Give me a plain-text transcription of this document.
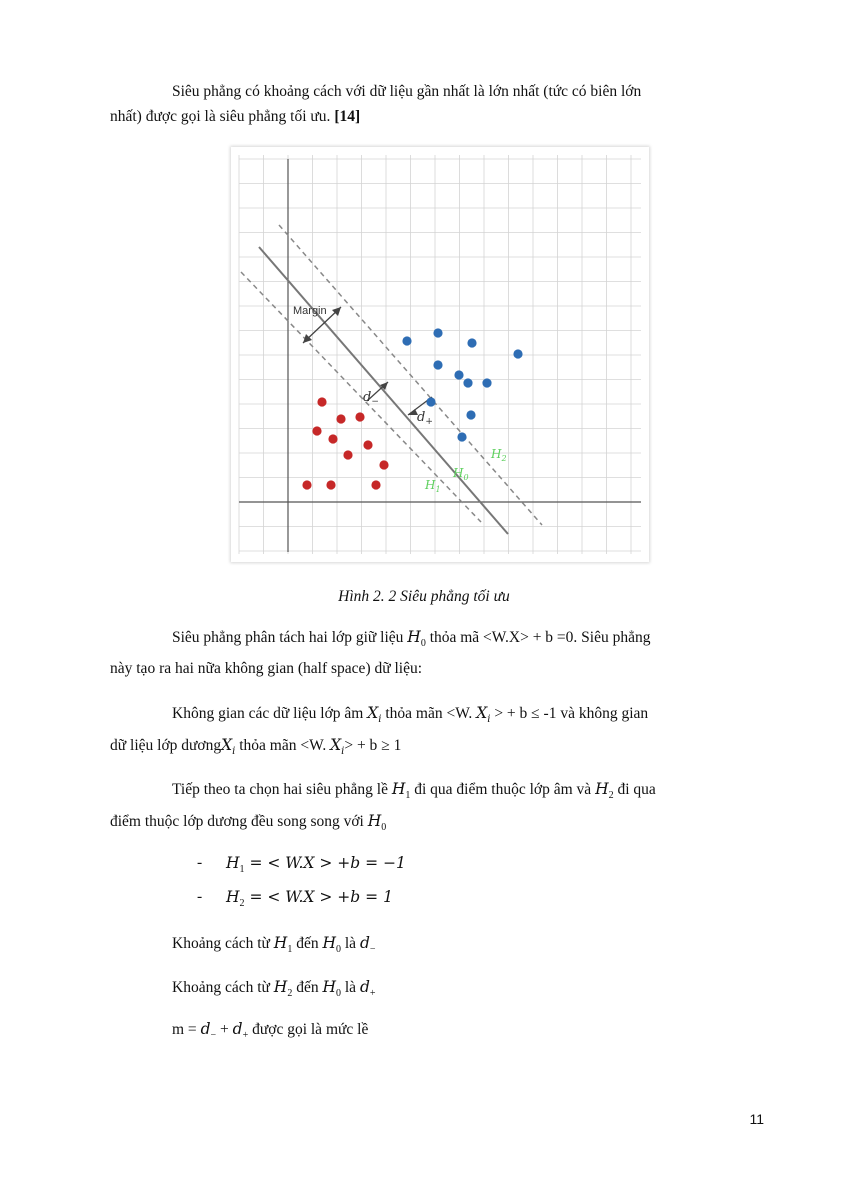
Siêu phẳng có khoảng cách với dữ liệu gần nhất là lớn nhất (tức có biên lớn
nhất) được gọi là siêu phẳng tối ưu. [14]
Margin
$d_-$
$d_+$
$H_0$
$H_1$
$H_2$
Hình 2. 2 Siêu phẳng tối ưu
Siêu phẳng phân tách hai lớp giữ liệu $H_0$ thỏa mã <W.X> + b =0. Siêu phẳng
này tạo ra hai nữa không gian (half space) dữ liệu:
Không gian các dữ liệu lớp âm $X_i$ thỏa mãn <W. $X_i$ > + b ≤ -1 và không gian
dữ liệu lớp dươngX$_i$ thỏa mãn <W. $X_i> + b \ge 1$
Tiếp theo ta chọn hai siêu phẳng lề $H_1$ đi qua điểm thuộc lớp âm và $H_2$ đi qua
điểm thuộc lớp dương đều song song với $H_0$
- $H_1$ = < W.X > +b = −1
- $H_2$ = < W.X > +b = 1
Khoảng cách từ $H_1$ đến $H_0$ là $d_-$
Khoảng cách từ $H_2$ đến $H_0$ là $d_+$
$m = d_- + d_+$ được gọi là mức lề
11
